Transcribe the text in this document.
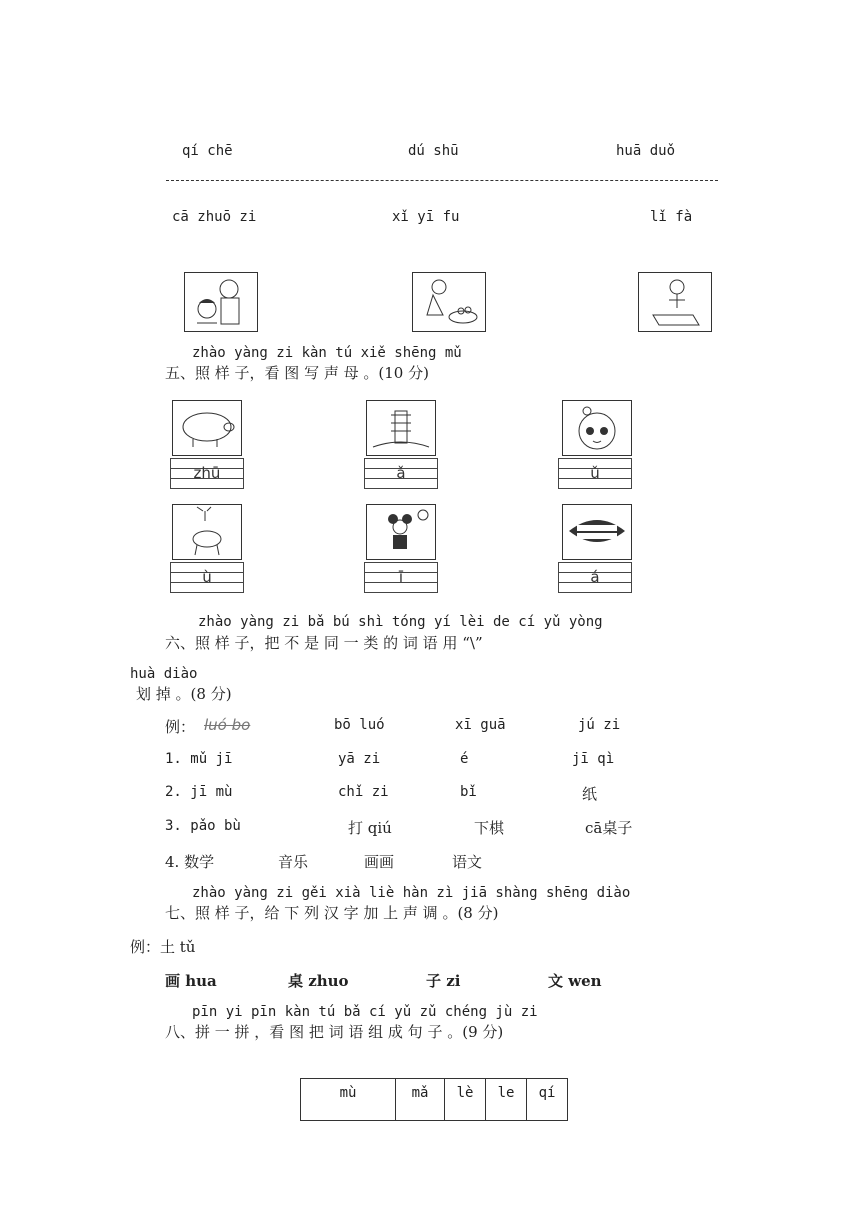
qí chē	dú shū	huā duǒ
cā zhuō zi	xǐ yī fu	lǐ fà
zhào yàng zi kàn tú xiě shēng mǔ
五、照 样 子，看 图 写 声 母 。(10 分)
zhū	ǎ	ǔ
ù	ī	á
zhào yàng zi bǎ bú shì tóng yí lèi de cí yǔ yòng
六、照 样 子，把 不 是 同 一 类 的 词 语 用 “\”
huà diào
划 掉 。(8 分)
例： luó bo	bō luó	xī guā	jú zi
1. mǔ jī	yā zi	é	jī qì
2. jī mù	chǐ zi	bǐ	纸
3. pǎo bù	打 qiú	下棋	cā桌子
4. 数学	音乐	画画	语文
zhào yàng zi gěi xià liè hàn zì jiā shàng shēng diào
七、照 样 子，给 下 列 汉 字 加 上 声 调 。(8 分)
例：土 tǔ
画 hua	桌 zhuo	子 zi	文 wen
pīn yi pīn kàn tú bǎ cí yǔ zǔ chéng jù zi
八、拼 一 拼 ，看 图 把 词 语 组 成 句 子 。(9 分)
mù	mǎ	lè	le	qí
